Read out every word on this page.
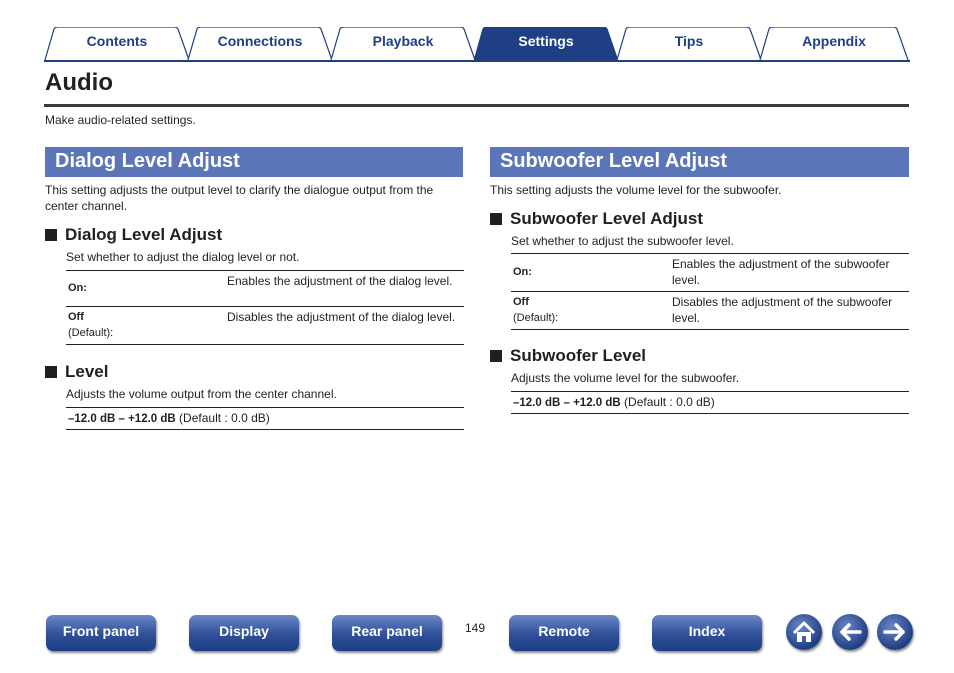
Contents	Connections	Playback	Settings	Tips	Appendix
Audio
Make audio-related settings.
Dialog Level Adjust
This setting adjusts the output level to clarify the dialogue output from the center channel.
Dialog Level Adjust
Set whether to adjust the dialog level or not.
On:	Enables the adjustment of the dialog level.
Off
(Default):	Disables the adjustment of the dialog level.
Level
Adjusts the volume output from the center channel.
–12.0 dB – +12.0 dB (Default : 0.0 dB)
Subwoofer Level Adjust
This setting adjusts the volume level for the subwoofer.
Subwoofer Level Adjust
Set whether to adjust the subwoofer level.
On:	Enables the adjustment of the subwoofer level.
Off
(Default):	Disables the adjustment of the subwoofer level.
Subwoofer Level
Adjusts the volume level for the subwoofer.
–12.0 dB – +12.0 dB (Default : 0.0 dB)
Front panel	Display	Rear panel	149	Remote	Index
